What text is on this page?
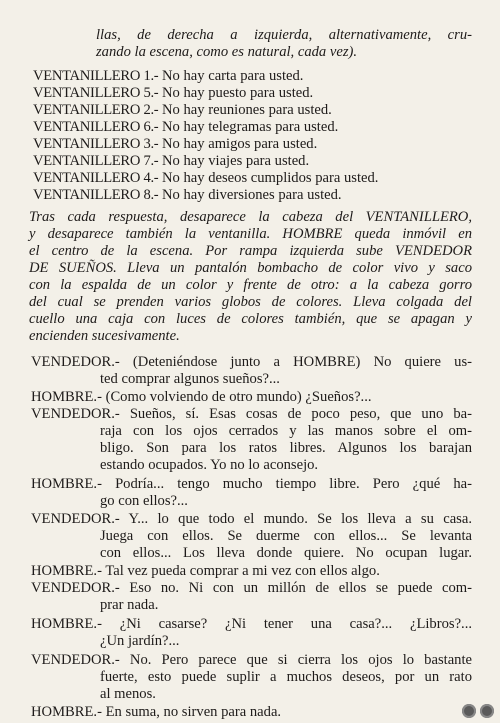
llas, de derecha a izquierda, alternativamente, cru-
zando la escena, como es natural, cada vez).
VENTANILLERO 1.- No hay carta para usted.
VENTANILLERO 5.- No hay puesto para usted.
VENTANILLERO 2.- No hay reuniones para usted.
VENTANILLERO 6.- No hay telegramas para usted.
VENTANILLERO 3.- No hay amigos para usted.
VENTANILLERO 7.- No hay viajes para usted.
VENTANILLERO 4.- No hay deseos cumplidos para usted.
VENTANILLERO 8.- No hay diversiones para usted.
Tras cada respuesta, desaparece la cabeza del VENTANILLERO,
y desaparece también la ventanilla. HOMBRE queda inmóvil en
el centro de la escena. Por rampa izquierda sube VENDEDOR
DE SUEÑOS. Lleva un pantalón bombacho de color vivo y saco
con la espalda de un color y frente de otro: a la cabeza gorro
del cual se prenden varios globos de colores. Lleva colgada del
cuello una caja con luces de colores también, que se apagan y
encienden sucesivamente.
VENDEDOR.- (Deteniéndose junto a HOMBRE) No quiere us-
ted comprar algunos sueños?...
HOMBRE.- (Como volviendo de otro mundo) ¿Sueños?...
VENDEDOR.- Sueños, sí. Esas cosas de poco peso, que uno ba-
raja con los ojos cerrados y las manos sobre el om-
bligo. Son para los ratos libres. Algunos los barajan
estando ocupados. Yo no lo aconsejo.
HOMBRE.- Podría... tengo mucho tiempo libre. Pero ¿qué ha-
go con ellos?...
VENDEDOR.- Y... lo que todo el mundo. Se los lleva a su casa.
Juega con ellos. Se duerme con ellos... Se levanta
con ellos... Los lleva donde quiere. No ocupan lugar.
HOMBRE.- Tal vez pueda comprar a mi vez con ellos algo.
VENDEDOR.- Eso no. Ni con un millón de ellos se puede com-
prar nada.
HOMBRE.- ¿Ni casarse? ¿Ni tener una casa?... ¿Libros?...
¿Un jardín?...
VENDEDOR.- No. Pero parece que si cierra los ojos lo bastante
fuerte, esto puede suplir a muchos deseos, por un rato
al menos.
HOMBRE.- En suma, no sirven para nada.
